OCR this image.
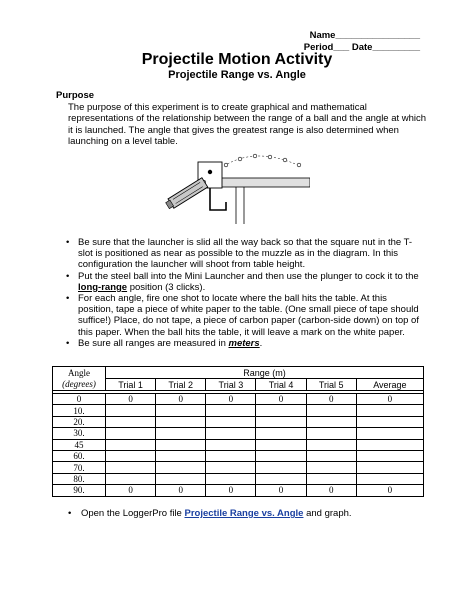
Name________________
Period___ Date_________
Projectile Motion Activity
Projectile Range vs. Angle
Purpose

The purpose of this experiment is to create graphical and mathematical representations of the relationship between the range of a ball and the angle at which it is launched. The angle that gives the greatest range is also determined when launching on a level table.

• Be sure that the launcher is slid all the way back so that the square nut in the T-slot is positioned as near as possible to the muzzle as in the diagram. In this configuration the launcher will shoot from table height.
• Put the steel ball into the Mini Launcher and then use the plunger to cock it to the long-range position (3 clicks).
• For each angle, fire one shot to locate where the ball hits the table. At this position, tape a piece of white paper to the table. (One small piece of tape should suffice!) Place, do not tape, a piece of carbon paper (carbon-side down) on top of this paper. When the ball hits the table, it will leave a mark on the white paper.
• Be sure all ranges are measured in meters.
Angle	Range (m)					
(degrees)	Trial 1	Trial 2	Trial 3	Trial 4	Trial 5	Average

0	0	0	0	0	0	0
10.						
20.						
30.						
45						
60.						
70.						
80.						
90.	0	0	0	0	0	0
• Open the LoggerPro file Projectile Range vs. Angle and graph.
